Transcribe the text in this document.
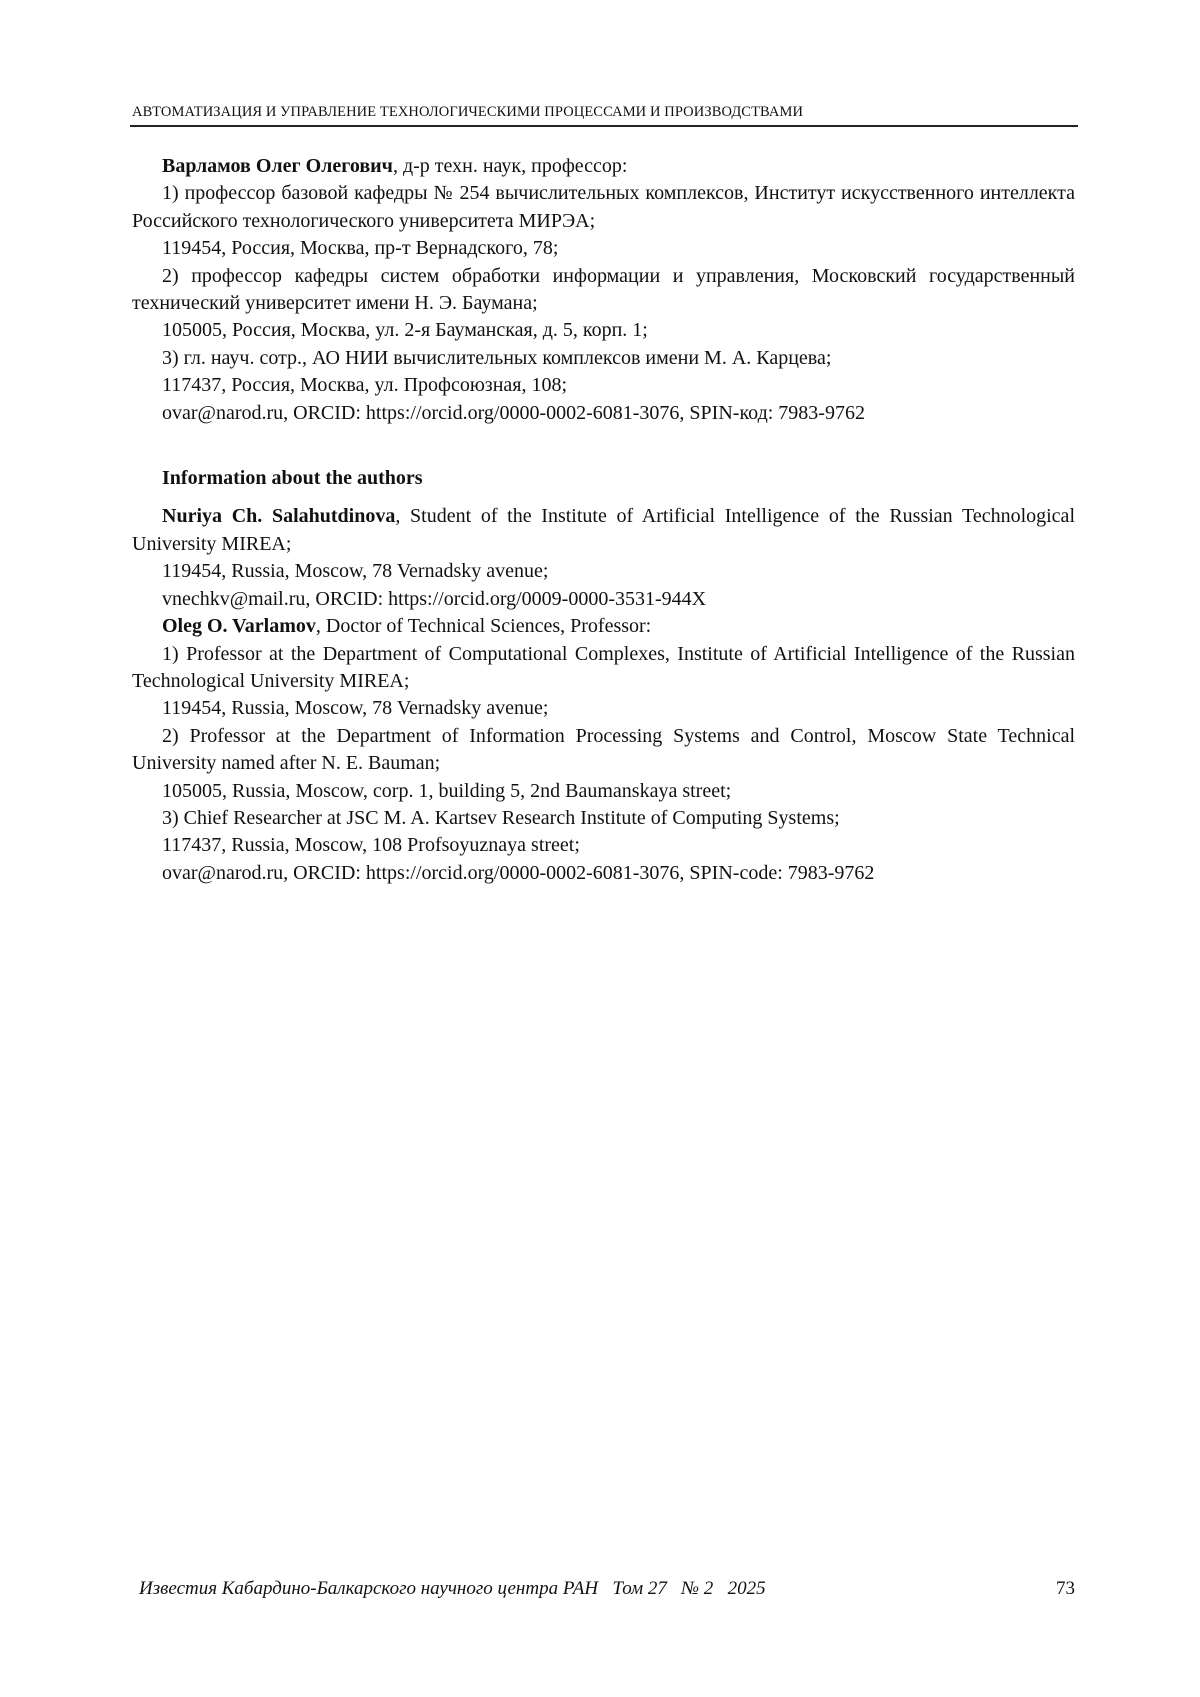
АВТОМАТИЗАЦИЯ И УПРАВЛЕНИЕ ТЕХНОЛОГИЧЕСКИМИ ПРОЦЕССАМИ И ПРОИЗВОДСТВАМИ

Варламов Олег Олегович, д-р техн. наук, профессор:

1) профессор базовой кафедры № 254 вычислительных комплексов, Институт искусственного интеллекта Российского технологического университета МИРЭА;

119454, Россия, Москва, пр-т Вернадского, 78;

2) профессор кафедры систем обработки информации и управления, Московский государственный технический университет имени Н. Э. Баумана;

105005, Россия, Москва, ул. 2-я Бауманская, д. 5, корп. 1;

3) гл. науч. сотр., АО НИИ вычислительных комплексов имени М. А. Карцева;

117437, Россия, Москва, ул. Профсоюзная, 108;

ovar@narod.ru, ORCID: https://orcid.org/0000-0002-6081-3076, SPIN-код: 7983-9762

Information about the authors

Nuriya Ch. Salahutdinova, Student of the Institute of Artificial Intelligence of the Russian Technological University MIREA;

119454, Russia, Moscow, 78 Vernadsky avenue;

vnechkv@mail.ru, ORCID: https://orcid.org/0009-0000-3531-944X

Oleg O. Varlamov, Doctor of Technical Sciences, Professor:

1) Professor at the Department of Computational Complexes, Institute of Artificial Intelligence of the Russian Technological University MIREA;

119454, Russia, Moscow, 78 Vernadsky avenue;

2) Professor at the Department of Information Processing Systems and Control, Moscow State Technical University named after N. E. Bauman;

105005, Russia, Moscow, corp. 1, building 5, 2nd Baumanskaya street;

3) Chief Researcher at JSC M. A. Kartsev Research Institute of Computing Systems;

117437, Russia, Moscow, 108 Profsoyuznaya street;

ovar@narod.ru, ORCID: https://orcid.org/0000-0002-6081-3076, SPIN-code: 7983-9762

Известия Кабардино-Балкарского научного центра РАН Том 27 № 2 2025	73
